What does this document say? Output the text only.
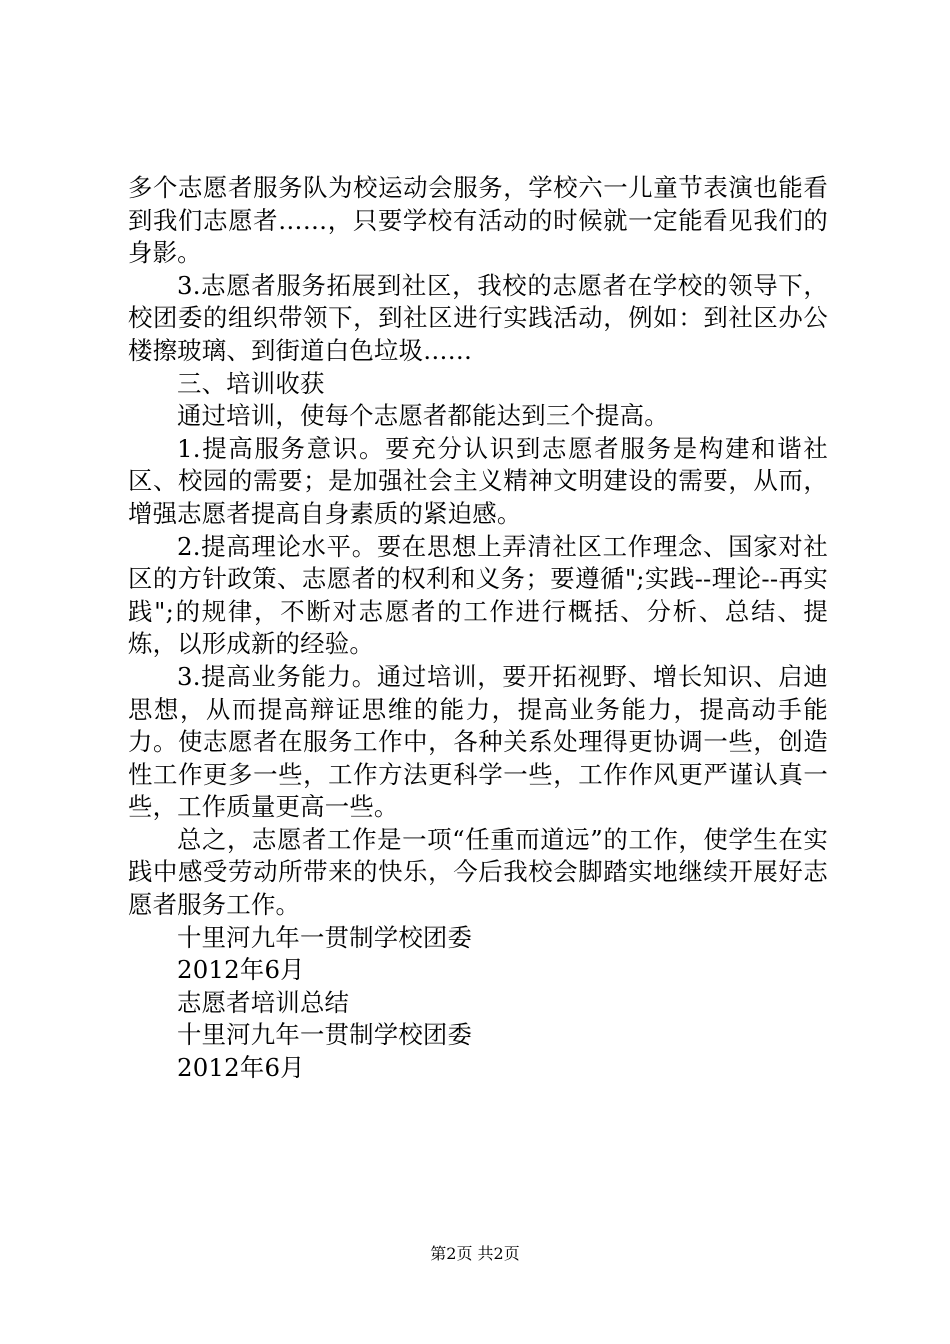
多个志愿者服务队为校运动会服务，学校六一儿童节表演也能看到我们志愿者……，只要学校有活动的时候就一定能看见我们的身影。

3.志愿者服务拓展到社区，我校的志愿者在学校的领导下，校团委的组织带领下，到社区进行实践活动，例如：到社区办公楼擦玻璃、到街道白色垃圾……

三、培训收获

通过培训，使每个志愿者都能达到三个提高。

1.提高服务意识。要充分认识到志愿者服务是构建和谐社区、校园的需要；是加强社会主义精神文明建设的需要，从而，增强志愿者提高自身素质的紧迫感。

2.提高理论水平。要在思想上弄清社区工作理念、国家对社区的方针政策、志愿者的权利和义务；要遵循";实践--理论--再实践";的规律，不断对志愿者的工作进行概括、分析、总结、提炼，以形成新的经验。

3.提高业务能力。通过培训，要开拓视野、增长知识、启迪思想，从而提高辩证思维的能力，提高业务能力，提高动手能力。使志愿者在服务工作中，各种关系处理得更协调一些，创造性工作更多一些，工作方法更科学一些，工作作风更严谨认真一些，工作质量更高一些。

总之，志愿者工作是一项“任重而道远”的工作，使学生在实践中感受劳动所带来的快乐，今后我校会脚踏实地继续开展好志愿者服务工作。

十里河九年一贯制学校团委

2012年6月

志愿者培训总结

十里河九年一贯制学校团委

2012年6月

第2页 共2页
